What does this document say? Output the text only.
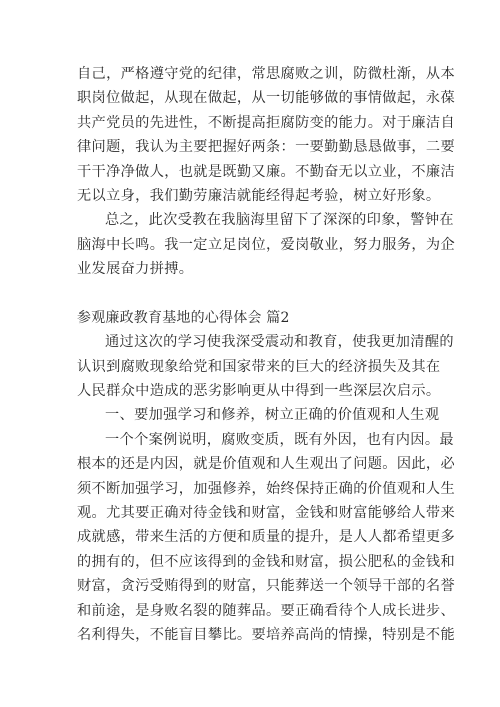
自己，严格遵守党的纪律，常思腐败之训，防微杜渐，从本
职岗位做起，从现在做起，从一切能够做的事情做起，永葆
共产党员的先进性，不断提高拒腐防变的能力。对于廉洁自
律问题，我认为主要把握好两条：一要勤勤恳恳做事，二要
干干净净做人，也就是既勤又廉。不勤奋无以立业，不廉洁
无以立身，我们勤劳廉洁就能经得起考验，树立好形象。
总之，此次受教在我脑海里留下了深深的印象，警钟在
脑海中长鸣。我一定立足岗位，爱岗敬业，努力服务，为企
业发展奋力拼搏。
参观廉政教育基地的心得体会 篇2
通过这次的学习使我深受震动和教育，使我更加清醒的
认识到腐败现象给党和国家带来的巨大的经济损失及其在
人民群众中造成的恶劣影响更从中得到一些深层次启示。
一、要加强学习和修养，树立正确的价值观和人生观
一个个案例说明，腐败变质，既有外因，也有内因。最
根本的还是内因，就是价值观和人生观出了问题。因此，必
须不断加强学习，加强修养，始终保持正确的价值观和人生
观。尤其要正确对待金钱和财富，金钱和财富能够给人带来
成就感，带来生活的方便和质量的提升，是人人都希望更多
的拥有的，但不应该得到的金钱和财富，损公肥私的金钱和
财富，贪污受贿得到的财富，只能葬送一个领导干部的名誉
和前途，是身败名裂的随葬品。要正确看待个人成长进步、
名利得失，不能盲目攀比。要培养高尚的情操，特别是不能
